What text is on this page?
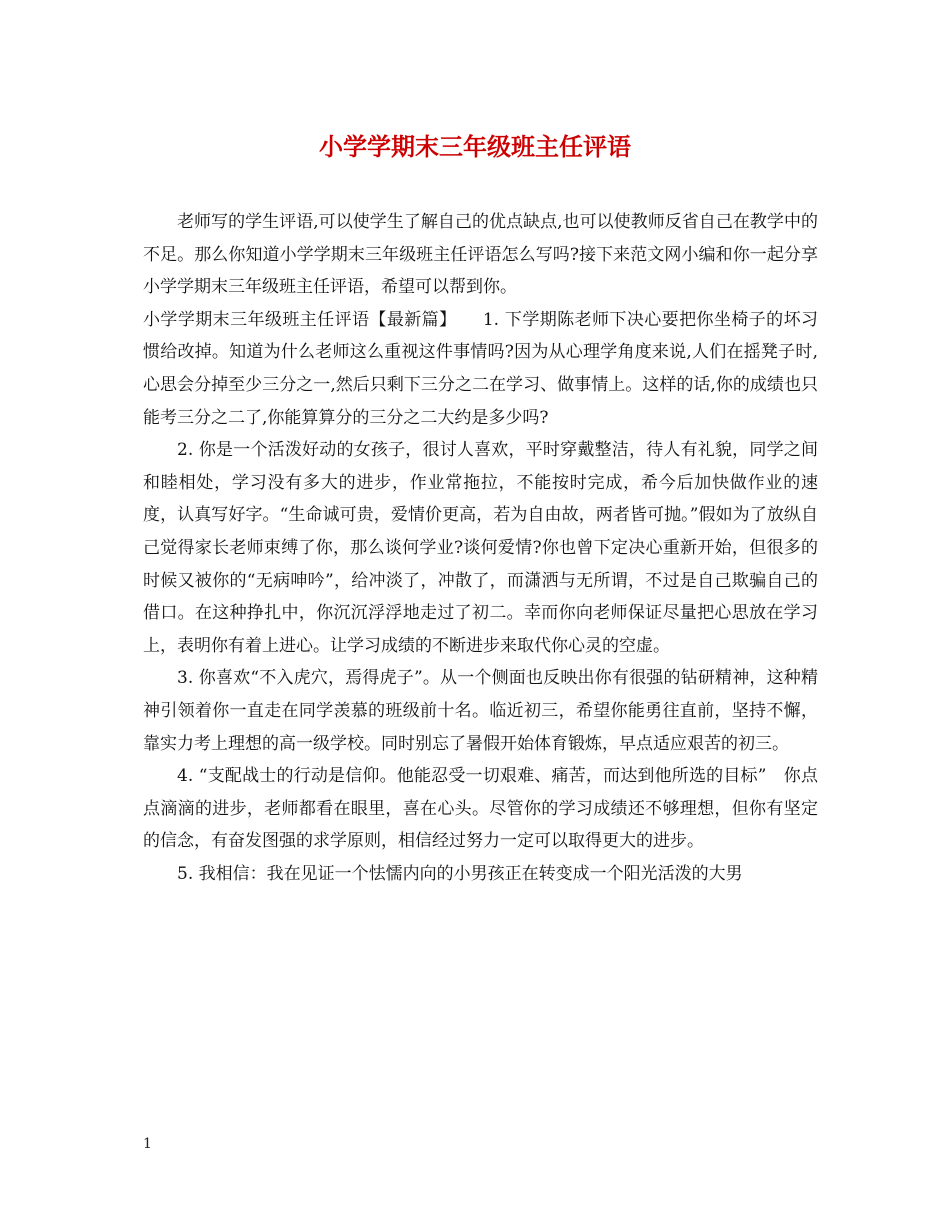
小学学期末三年级班主任评语

老师写的学生评语,可以使学生了解自己的优点缺点,也可以使教师反省自己在教学中的不足。那么你知道小学学期末三年级班主任评语怎么写吗?接下来范文网小编和你一起分享小学学期末三年级班主任评语，希望可以帮到你。

小学学期末三年级班主任评语【最新篇】　　1. 下学期陈老师下决心要把你坐椅子的坏习惯给改掉。知道为什么老师这么重视这件事情吗?因为从心理学角度来说,人们在摇凳子时,心思会分掉至少三分之一,然后只剩下三分之二在学习、做事情上。这样的话,你的成绩也只能考三分之二了,你能算算分的三分之二大约是多少吗?

2. 你是一个活泼好动的女孩子，很讨人喜欢，平时穿戴整洁，待人有礼貌，同学之间和睦相处，学习没有多大的进步，作业常拖拉，不能按时完成，希今后加快做作业的速度，认真写好字。“生命诚可贵，爱情价更高，若为自由故，两者皆可抛。”假如为了放纵自己觉得家长老师束缚了你，那么谈何学业?谈何爱情?你也曾下定决心重新开始，但很多的时候又被你的“无病呻吟”，给冲淡了，冲散了，而潇洒与无所谓，不过是自己欺骗自己的借口。在这种挣扎中，你沉沉浮浮地走过了初二。幸而你向老师保证尽量把心思放在学习上，表明你有着上进心。让学习成绩的不断进步来取代你心灵的空虚。

3. 你喜欢“不入虎穴，焉得虎子”。从一个侧面也反映出你有很强的钻研精神，这种精神引领着你一直走在同学羡慕的班级前十名。临近初三，希望你能勇往直前，坚持不懈，靠实力考上理想的高一级学校。同时别忘了暑假开始体育锻炼，早点适应艰苦的初三。

4. “支配战士的行动是信仰。他能忍受一切艰难、痛苦，而达到他所选的目标”　你点点滴滴的进步，老师都看在眼里，喜在心头。尽管你的学习成绩还不够理想，但你有坚定的信念，有奋发图强的求学原则，相信经过努力一定可以取得更大的进步。

5. 我相信：我在见证一个怯懦内向的小男孩正在转变成一个阳光活泼的大男

1
